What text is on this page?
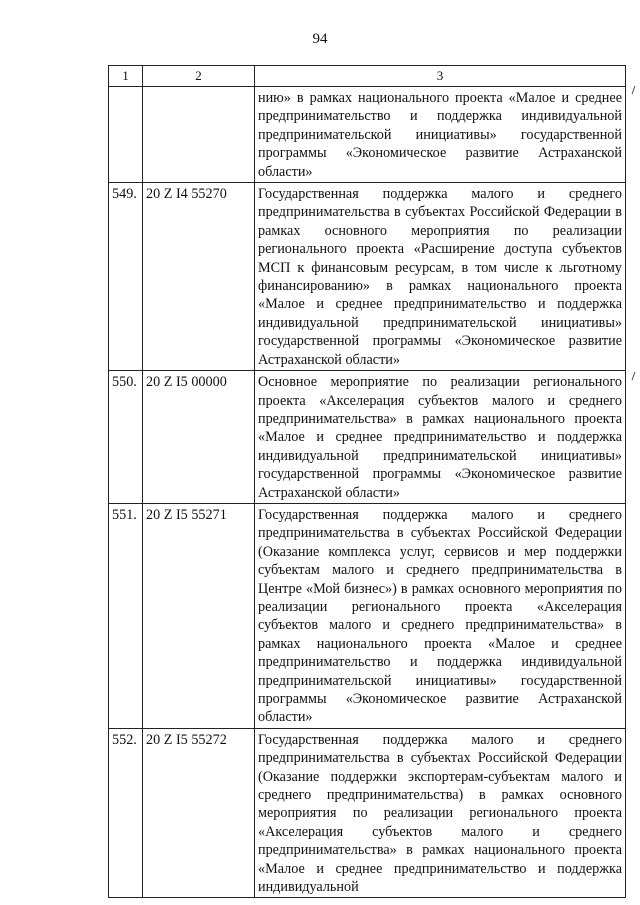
94
1	2	3
		нию» в рамках национального проекта «Малое и среднее предпринимательство и поддержка индивидуальной предпринимательской инициативы» государственной программы «Экономическое развитие Астраханской области»
549.	20 Z I4 55270	Государственная поддержка малого и среднего предпринимательства в субъектах Российской Федерации в рамках основного мероприятия по реализации регионального проекта «Расширение доступа субъектов МСП к финансовым ресурсам, в том числе к льготному финансированию» в рамках национального проекта «Малое и среднее предпринимательство и поддержка индивидуальной предпринимательской инициативы» государственной программы «Экономическое развитие Астраханской области»
550.	20 Z I5 00000	Основное мероприятие по реализации регионального проекта «Акселерация субъектов малого и среднего предпринимательства» в рамках национального проекта «Малое и среднее предпринимательство и поддержка индивидуальной предпринимательской инициативы» государственной программы «Экономическое развитие Астраханской области»
551.	20 Z I5 55271	Государственная поддержка малого и среднего предпринимательства в субъектах Российской Федерации (Оказание комплекса услуг, сервисов и мер поддержки субъектам малого и среднего предпринимательства в Центре «Мой бизнес») в рамках основного мероприятия по реализации регионального проекта «Акселерация субъектов малого и среднего предпринимательства» в рамках национального проекта «Малое и среднее предпринимательство и поддержка индивидуальной предпринимательской инициативы» государственной программы «Экономическое развитие Астраханской области»
552.	20 Z I5 55272	Государственная поддержка малого и среднего предпринимательства в субъектах Российской Федерации (Оказание поддержки экспортерам-субъектам малого и среднего предпринимательства) в рамках основного мероприятия по реализации регионального проекта «Акселерация субъектов малого и среднего предпринимательства» в рамках национального проекта «Малое и среднее предпринимательство и поддержка индивидуальной
